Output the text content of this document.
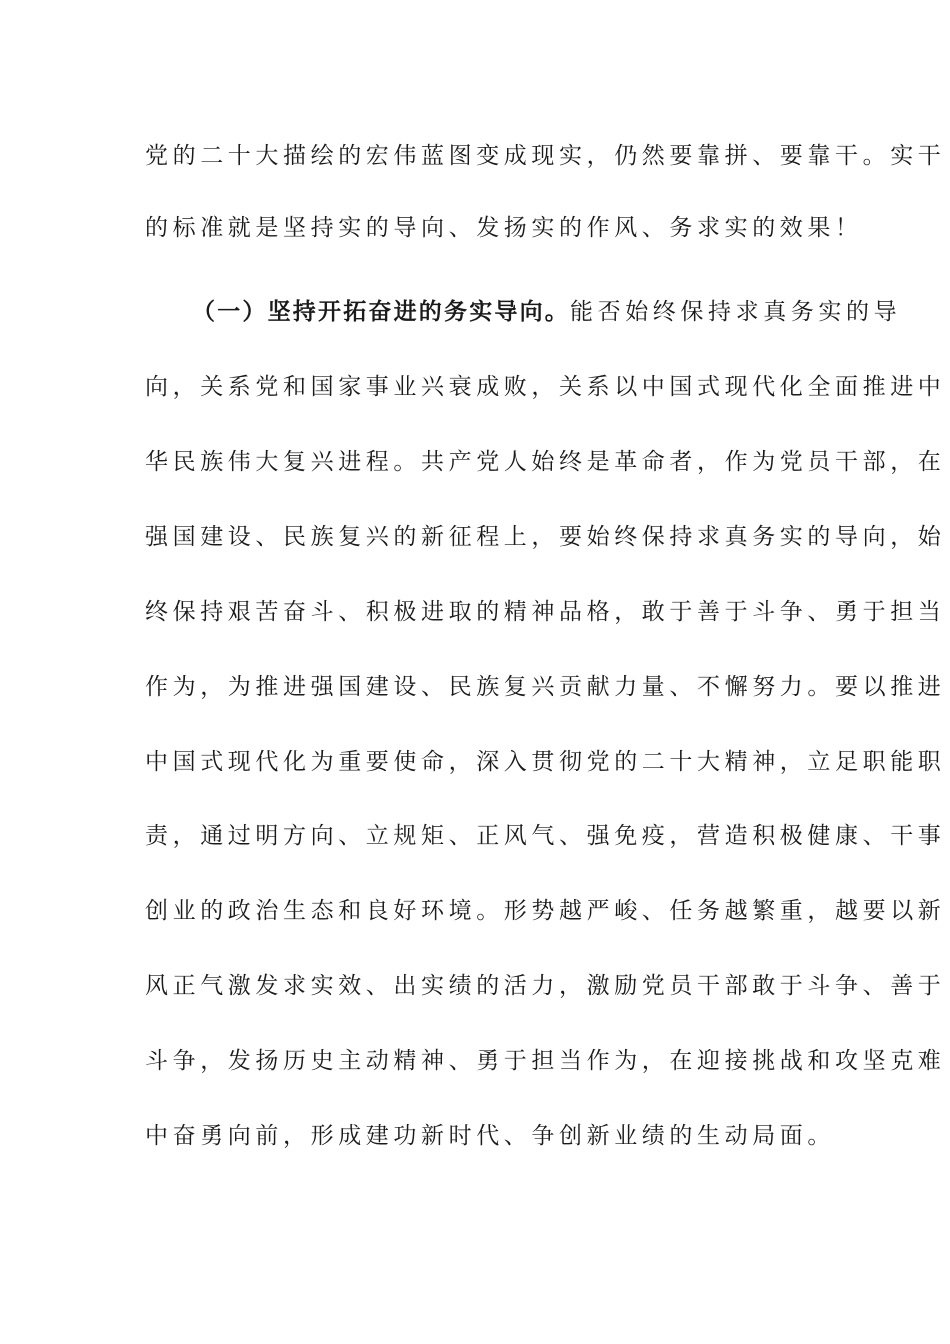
党的二十大描绘的宏伟蓝图变成现实，仍然要靠拼、要靠干。实干
的标准就是坚持实的导向、发扬实的作风、务求实的效果！
（一）坚持开拓奋进的务实导向。能否始终保持求真务实的导
向，关系党和国家事业兴衰成败，关系以中国式现代化全面推进中
华民族伟大复兴进程。共产党人始终是革命者，作为党员干部，在
强国建设、民族复兴的新征程上，要始终保持求真务实的导向，始
终保持艰苦奋斗、积极进取的精神品格，敢于善于斗争、勇于担当
作为，为推进强国建设、民族复兴贡献力量、不懈努力。要以推进
中国式现代化为重要使命，深入贯彻党的二十大精神，立足职能职
责，通过明方向、立规矩、正风气、强免疫，营造积极健康、干事
创业的政治生态和良好环境。形势越严峻、任务越繁重，越要以新
风正气激发求实效、出实绩的活力，激励党员干部敢于斗争、善于
斗争，发扬历史主动精神、勇于担当作为，在迎接挑战和攻坚克难
中奋勇向前，形成建功新时代、争创新业绩的生动局面。
